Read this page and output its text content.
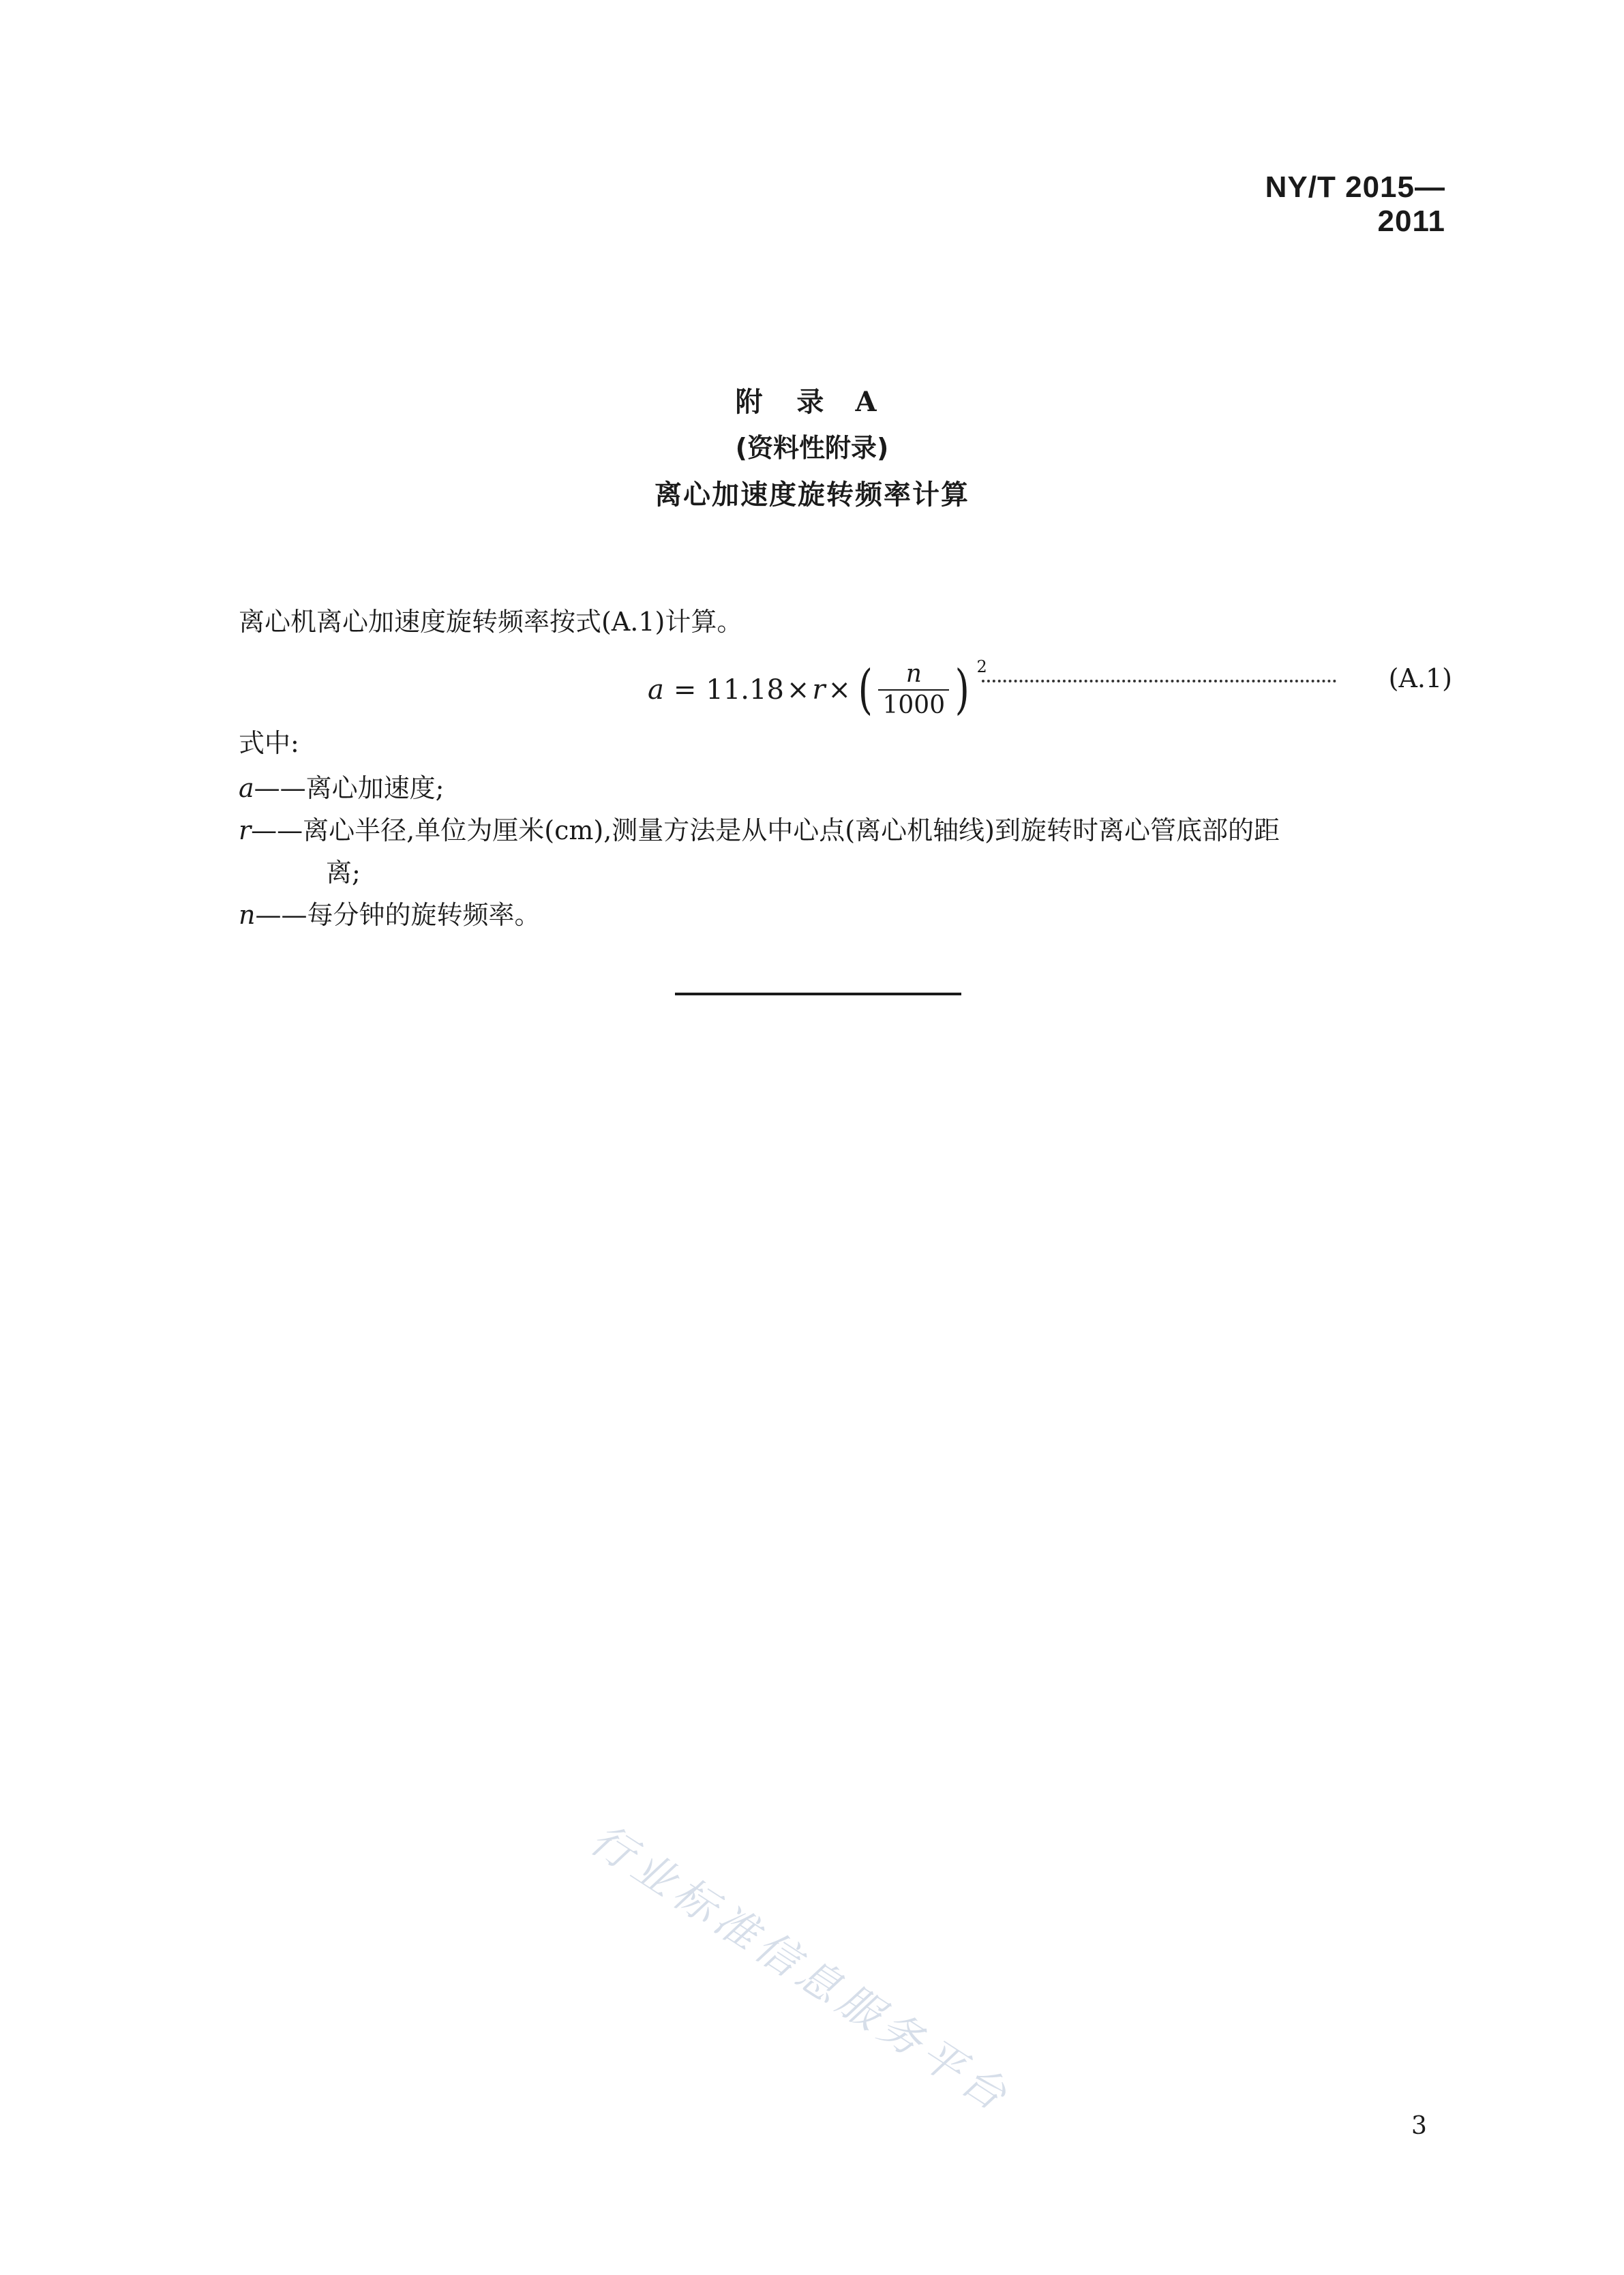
NY/T 2015—2011
附 录 A
(资料性附录)
离心加速度旋转频率计算
离心机离心加速度旋转频率按式(A.1)计算。
a = 11.18 × r × ( $\frac{n}{1000}$ ) 2	(A.1)
式中:
a——离心加速度;
r——离心半径,单位为厘米(cm),测量方法是从中心点(离心机轴线)到旋转时离心管底部的距
离;
n——每分钟的旋转频率。
行业标准信息服务平台
3
